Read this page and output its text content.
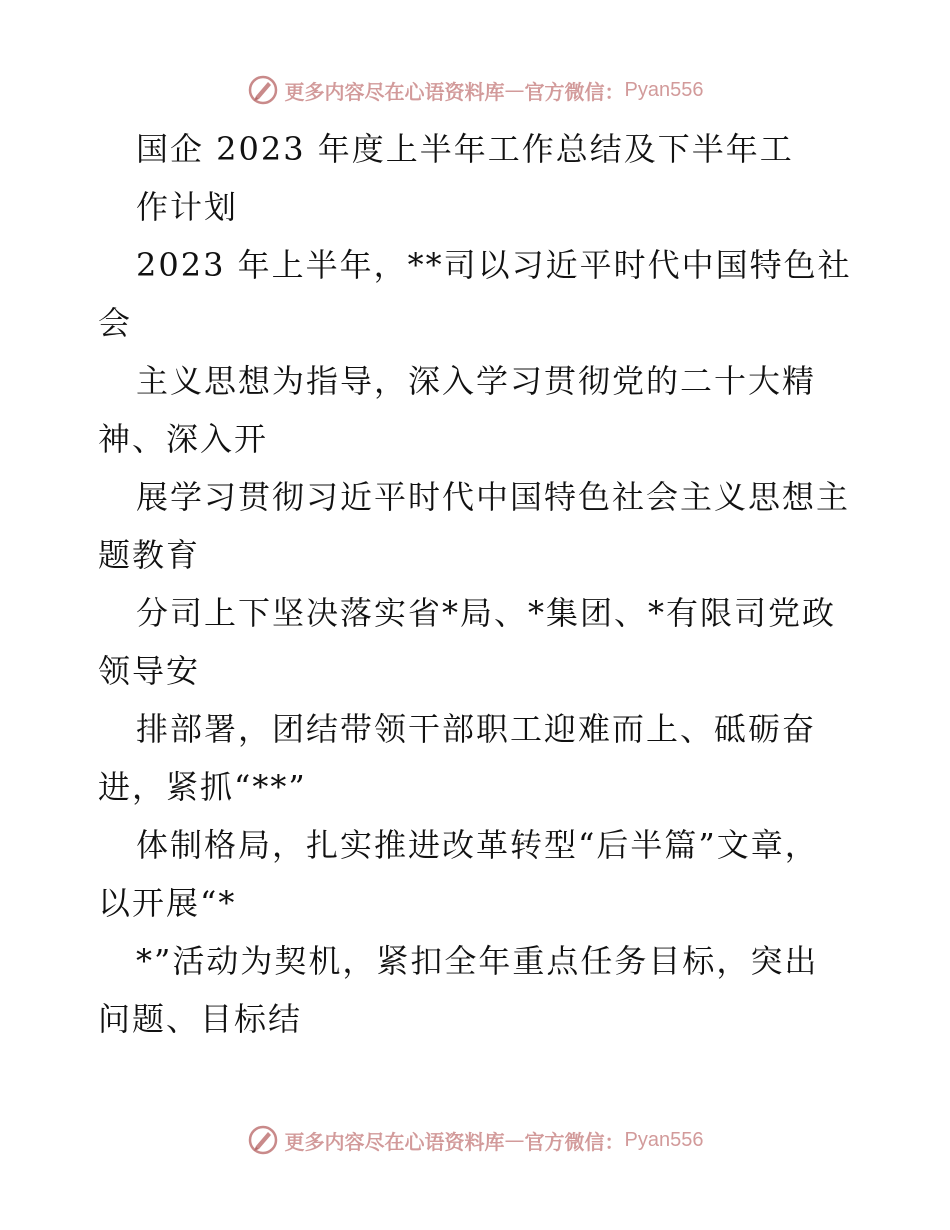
更多内容尽在心语资料库 — 官方微信： Pyan556
国企 2023 年度上半年工作总结及下半年工
作计划
2023 年上半年，**司以习近平时代中国特色社
会
主义思想为指导，深入学习贯彻党的二十大精
神、深入开
展学习贯彻习近平时代中国特色社会主义思想主
题教育
分司上下坚决落实省*局、*集团、*有限司党政
领导安
排部署，团结带领干部职工迎难而上、砥砺奋
进，紧抓“**”
体制格局，扎实推进改革转型“后半篇”文章，
以开展“*
*”活动为契机，紧扣全年重点任务目标，突出
问题、目标结
更多内容尽在心语资料库 — 官方微信： Pyan556
